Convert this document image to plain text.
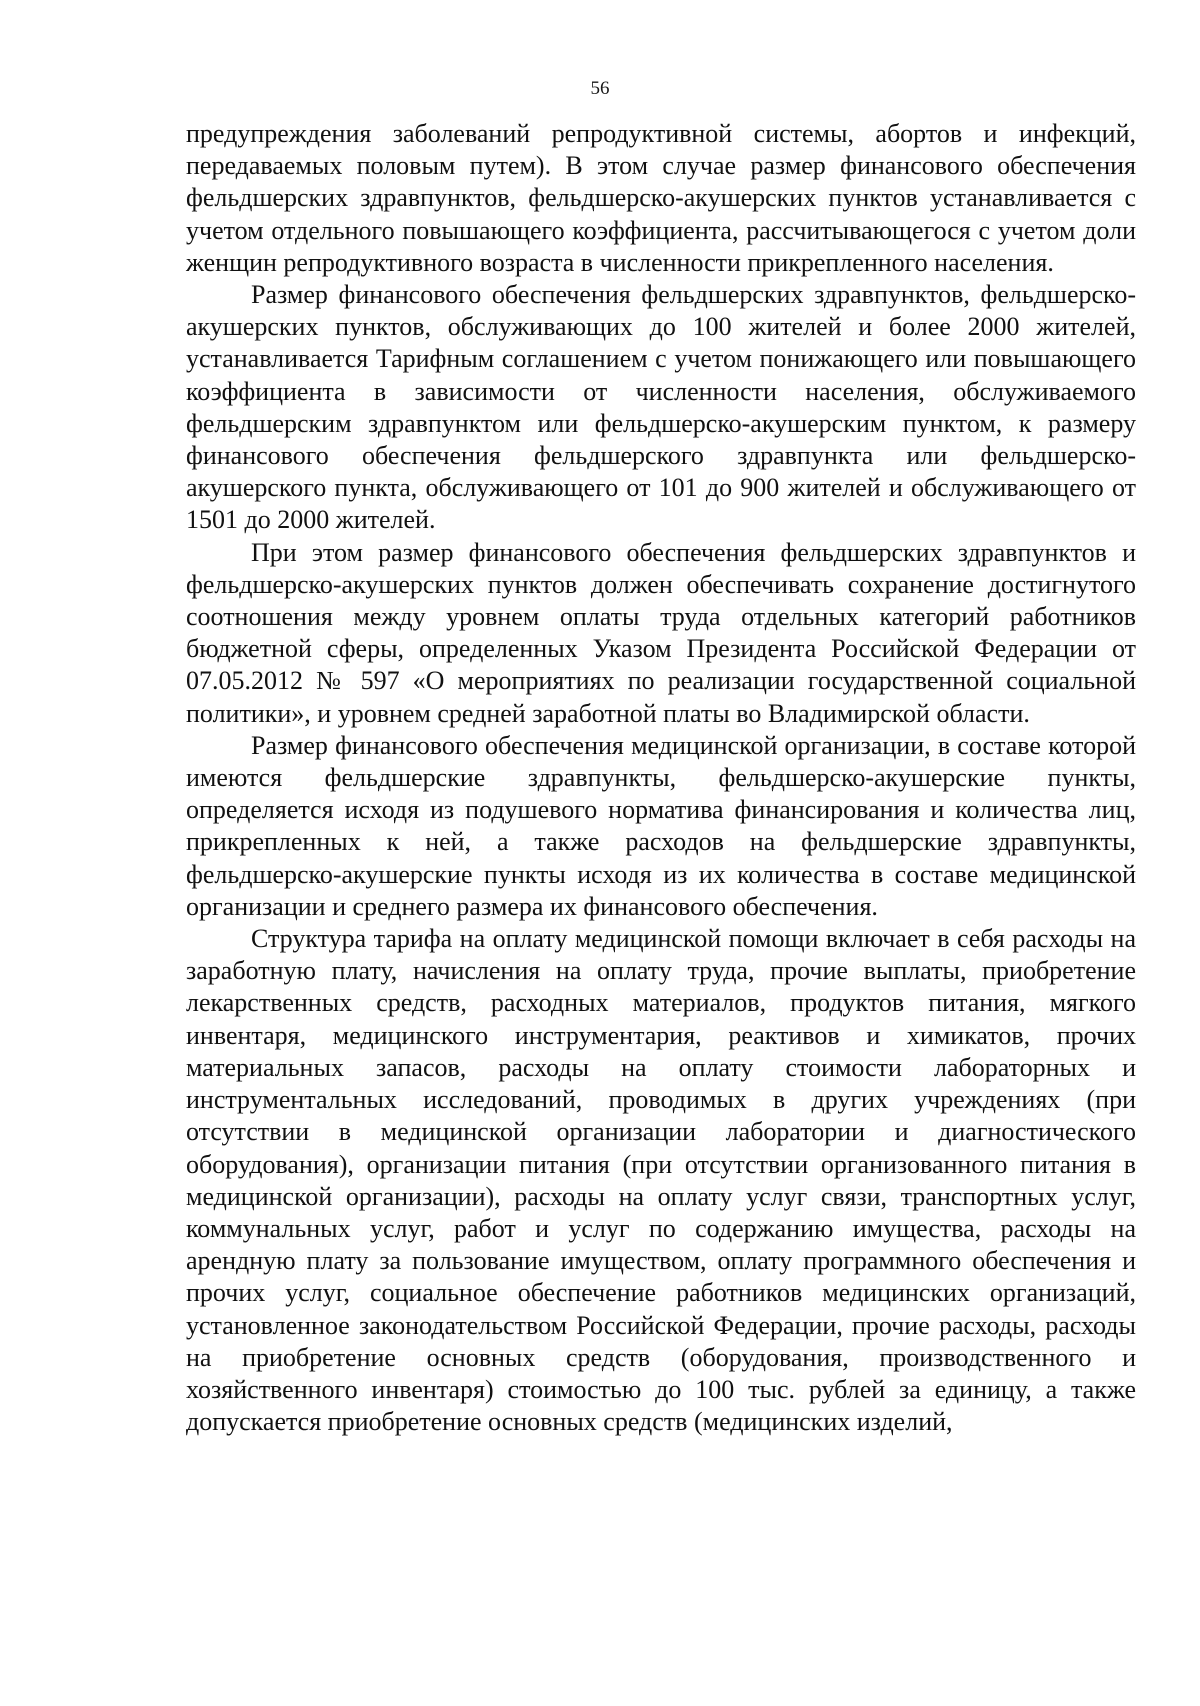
56

предупреждения заболеваний репродуктивной системы, абортов и инфекций, передаваемых половым путем). В этом случае размер финансового обеспечения фельдшерских здравпунктов, фельдшерско-акушерских пунктов устанавливается с учетом отдельного повышающего коэффициента, рассчитывающегося с учетом доли женщин репродуктивного возраста в численности прикрепленного населения.

Размер финансового обеспечения фельдшерских здравпунктов, фельдшерско-акушерских пунктов, обслуживающих до 100 жителей и более 2000 жителей, устанавливается Тарифным соглашением с учетом понижающего или повышающего коэффициента в зависимости от численности населения, обслуживаемого фельдшерским здравпунктом или фельдшерско-акушерским пунктом, к размеру финансового обеспечения фельдшерского здравпункта или фельдшерско-акушерского пункта, обслуживающего от 101 до 900 жителей и обслуживающего от 1501 до 2000 жителей.

При этом размер финансового обеспечения фельдшерских здравпунктов и фельдшерско-акушерских пунктов должен обеспечивать сохранение достигнутого соотношения между уровнем оплаты труда отдельных категорий работников бюджетной сферы, определенных Указом Президента Российской Федерации от 07.05.2012 № 597 «О мероприятиях по реализации государственной социальной политики», и уровнем средней заработной платы во Владимирской области.

Размер финансового обеспечения медицинской организации, в составе которой имеются фельдшерские здравпункты, фельдшерско-акушерские пункты, определяется исходя из подушевого норматива финансирования и количества лиц, прикрепленных к ней, а также расходов на фельдшерские здравпункты, фельдшерско-акушерские пункты исходя из их количества в составе медицинской организации и среднего размера их финансового обеспечения.

Структура тарифа на оплату медицинской помощи включает в себя расходы на заработную плату, начисления на оплату труда, прочие выплаты, приобретение лекарственных средств, расходных материалов, продуктов питания, мягкого инвентаря, медицинского инструментария, реактивов и химикатов, прочих материальных запасов, расходы на оплату стоимости лабораторных и инструментальных исследований, проводимых в других учреждениях (при отсутствии в медицинской организации лаборатории и диагностического оборудования), организации питания (при отсутствии организованного питания в медицинской организации), расходы на оплату услуг связи, транспортных услуг, коммунальных услуг, работ и услуг по содержанию имущества, расходы на арендную плату за пользование имуществом, оплату программного обеспечения и прочих услуг, социальное обеспечение работников медицинских организаций, установленное законодательством Российской Федерации, прочие расходы, расходы на приобретение основных средств (оборудования, производственного и хозяйственного инвентаря) стоимостью до 100 тыс. рублей за единицу, а также допускается приобретение основных средств (медицинских изделий,
